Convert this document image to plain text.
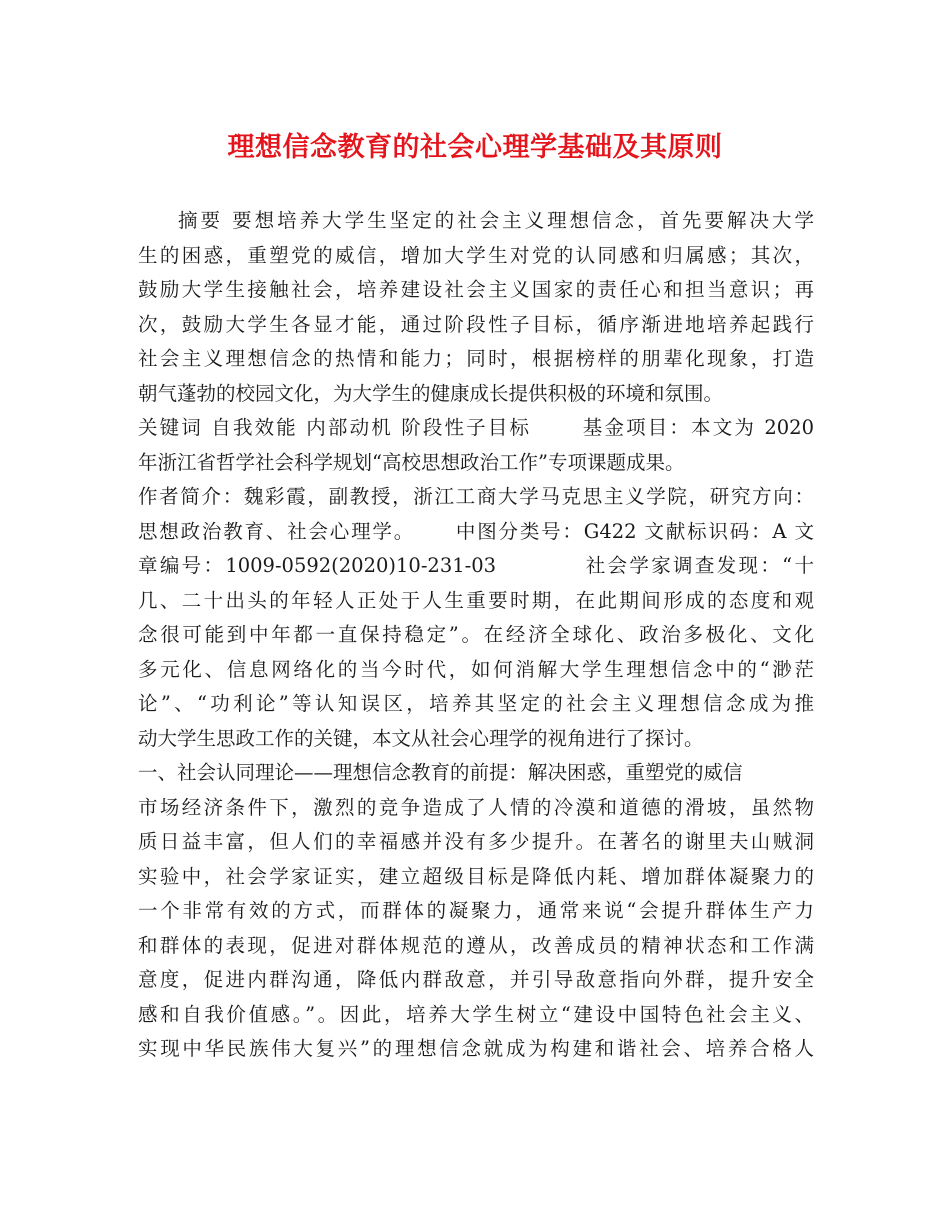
理想信念教育的社会心理学基础及其原则
摘要 要想培养大学生坚定的社会主义理想信念，首先要解决大学
生的困惑，重塑党的威信，增加大学生对党的认同感和归属感；其次，
鼓励大学生接触社会，培养建设社会主义国家的责任心和担当意识；再
次，鼓励大学生各显才能，通过阶段性子目标，循序渐进地培养起践行
社会主义理想信念的热情和能力；同时，根据榜样的朋辈化现象，打造
朝气蓬勃的校园文化，为大学生的健康成长提供积极的环境和氛围。
关键词 自我效能 内部动机 阶段性子目标　　 基金项目：本文为 2020
年浙江省哲学社会科学规划“高校思想政治工作”专项课题成果。
作者简介：魏彩霞，副教授，浙江工商大学马克思主义学院，研究方向：
思想政治教育、社会心理学。　　 中图分类号：G422 文献标识码：A 文
章编号：1009-0592(2020)10-231-03　　　　社会学家调查发现：“十
几、二十出头的年轻人正处于人生重要时期，在此期间形成的态度和观
念很可能到中年都一直保持稳定”。在经济全球化、政治多极化、文化
多元化、信息网络化的当今时代，如何消解大学生理想信念中的“渺茫
论”、“功利论”等认知误区，培养其坚定的社会主义理想信念成为推
动大学生思政工作的关键，本文从社会心理学的视角进行了探讨。
一、社会认同理论——理想信念教育的前提：解决困惑，重塑党的威信
市场经济条件下，激烈的竞争造成了人情的冷漠和道德的滑坡，虽然物
质日益丰富，但人们的幸福感并没有多少提升。在著名的谢里夫山贼洞
实验中，社会学家证实，建立超级目标是降低内耗、增加群体凝聚力的
一个非常有效的方式，而群体的凝聚力，通常来说“会提升群体生产力
和群体的表现，促进对群体规范的遵从，改善成员的精神状态和工作满
意度，促进内群沟通，降低内群敌意，并引导敌意指向外群，提升安全
感和自我价值感。”。因此，培养大学生树立“建设中国特色社会主义、
实现中华民族伟大复兴”的理想信念就成为构建和谐社会、培养合格人
